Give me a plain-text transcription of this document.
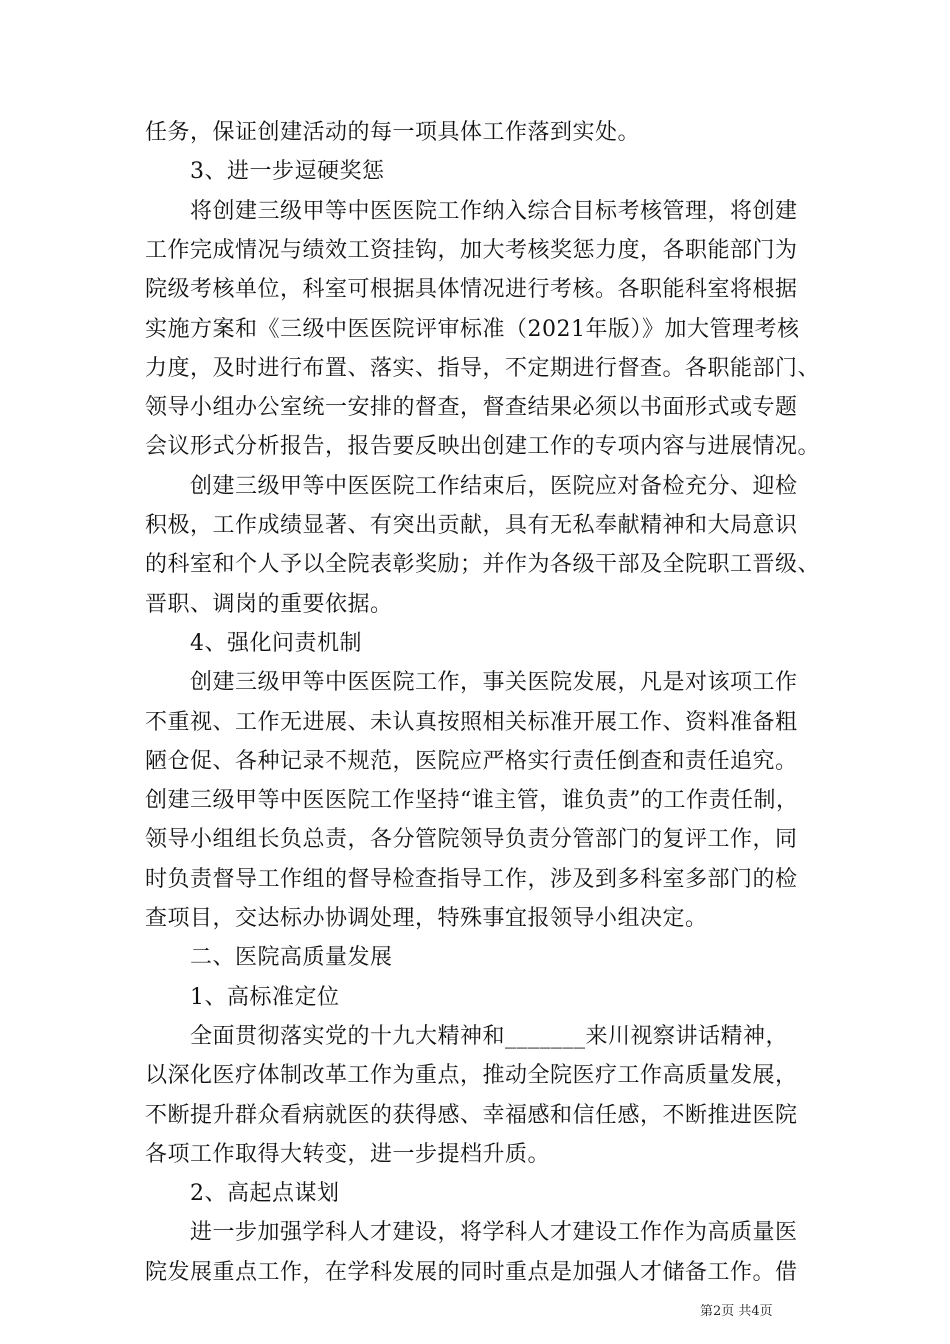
任务，保证创建活动的每一项具体工作落到实处。
　　3、进一步逗硬奖惩
　　将创建三级甲等中医医院工作纳入综合目标考核管理，将创建
工作完成情况与绩效工资挂钩，加大考核奖惩力度，各职能部门为
院级考核单位，科室可根据具体情况进行考核。各职能科室将根据
实施方案和《三级中医医院评审标准（2021年版）》加大管理考核
力度，及时进行布置、落实、指导，不定期进行督查。各职能部门、
领导小组办公室统一安排的督查，督查结果必须以书面形式或专题
会议形式分析报告，报告要反映出创建工作的专项内容与进展情况。
　　创建三级甲等中医医院工作结束后，医院应对备检充分、迎检
积极，工作成绩显著、有突出贡献，具有无私奉献精神和大局意识
的科室和个人予以全院表彰奖励；并作为各级干部及全院职工晋级、
晋职、调岗的重要依据。
　　4、强化问责机制
　　创建三级甲等中医医院工作，事关医院发展，凡是对该项工作
不重视、工作无进展、未认真按照相关标准开展工作、资料准备粗
陋仓促、各种记录不规范，医院应严格实行责任倒查和责任追究。
创建三级甲等中医医院工作坚持“谁主管，谁负责”的工作责任制，
领导小组组长负总责，各分管院领导负责分管部门的复评工作，同
时负责督导工作组的督导检查指导工作，涉及到多科室多部门的检
查项目，交达标办协调处理，特殊事宜报领导小组决定。
　　二、医院高质量发展
　　1、高标准定位
　　全面贯彻落实党的十九大精神和_______来川视察讲话精神，
以深化医疗体制改革工作为重点，推动全院医疗工作高质量发展，
不断提升群众看病就医的获得感、幸福感和信任感，不断推进医院
各项工作取得大转变，进一步提档升质。
　　2、高起点谋划
　　进一步加强学科人才建设，将学科人才建设工作作为高质量医
院发展重点工作，在学科发展的同时重点是加强人才储备工作。借
第2页 共4页
